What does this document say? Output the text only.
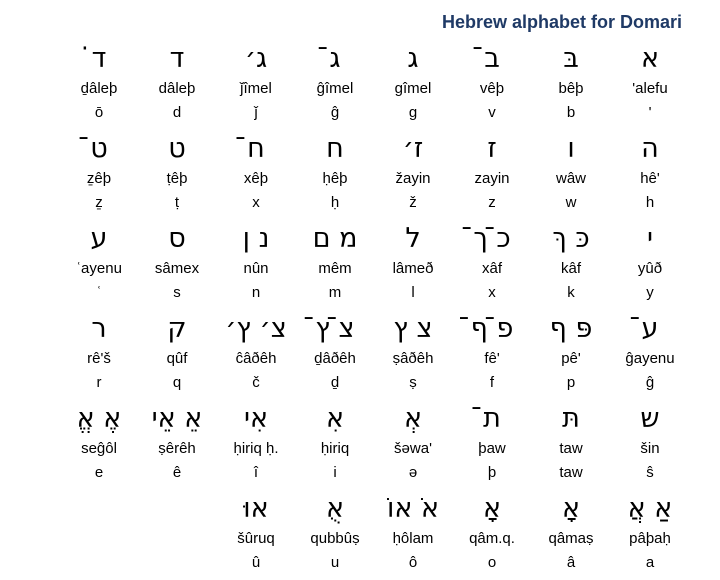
Hebrew alphabet for Domari
ד̇
ḏâleþ
ō
ד
dâleþ
d
ג׳
ǰîmel
ǰ
ג̄
ĝîmel
ĝ
ג
gîmel
g
ב̄
vêþ
v
בּ
bêþ
b
א
'alefu
'
ט̄
ẕêþ
ẕ
ט
ṭêþ
ṭ
ח̄
xêþ
x
ח
ḥêþ
ḥ
ז׳
žayin
ž
ז
zayin
z
ו
wâw
w
ה
hê'
h
ע
ʿayenu
ʿ
ס
sâmex
s
נ ן
nûn
n
מ ם
mêm
m
ל
lâmeð
l
כ̄ ך̄
xâf
x
כּ ךּ
kâf
k
י
yûð
y
ר
rê'š
r
ק
qûf
q
צ׳ ץ׳
ĉâðêh
č
צ̄ ץ̄
ḏâðêh
ḏ
צ ץ
ṣâðêh
ṣ
פ̄ ף̄
fê'
f
פּ ף
pê'
p
ע̄
ĝayenu
ĝ
אֶ אֱ
seĝôl
e
אֵ אֵי
ṣêrêh
ê
אִי
ḥiriq ḥ.
î
אִ
ḥiriq
i
אְ
šəwa'
ə
ת̄
þaw
þ
תּ
taw
taw
ש
šin
ŝ
אוּ
šûruq
û
אֻ
qubbûṣ
u
אֹ אוֹ
ḥôlam
ô
אָ
qâm.q.
o
אָ
qâmaṣ
â
אַ אֲ
pâþaḥ
a
